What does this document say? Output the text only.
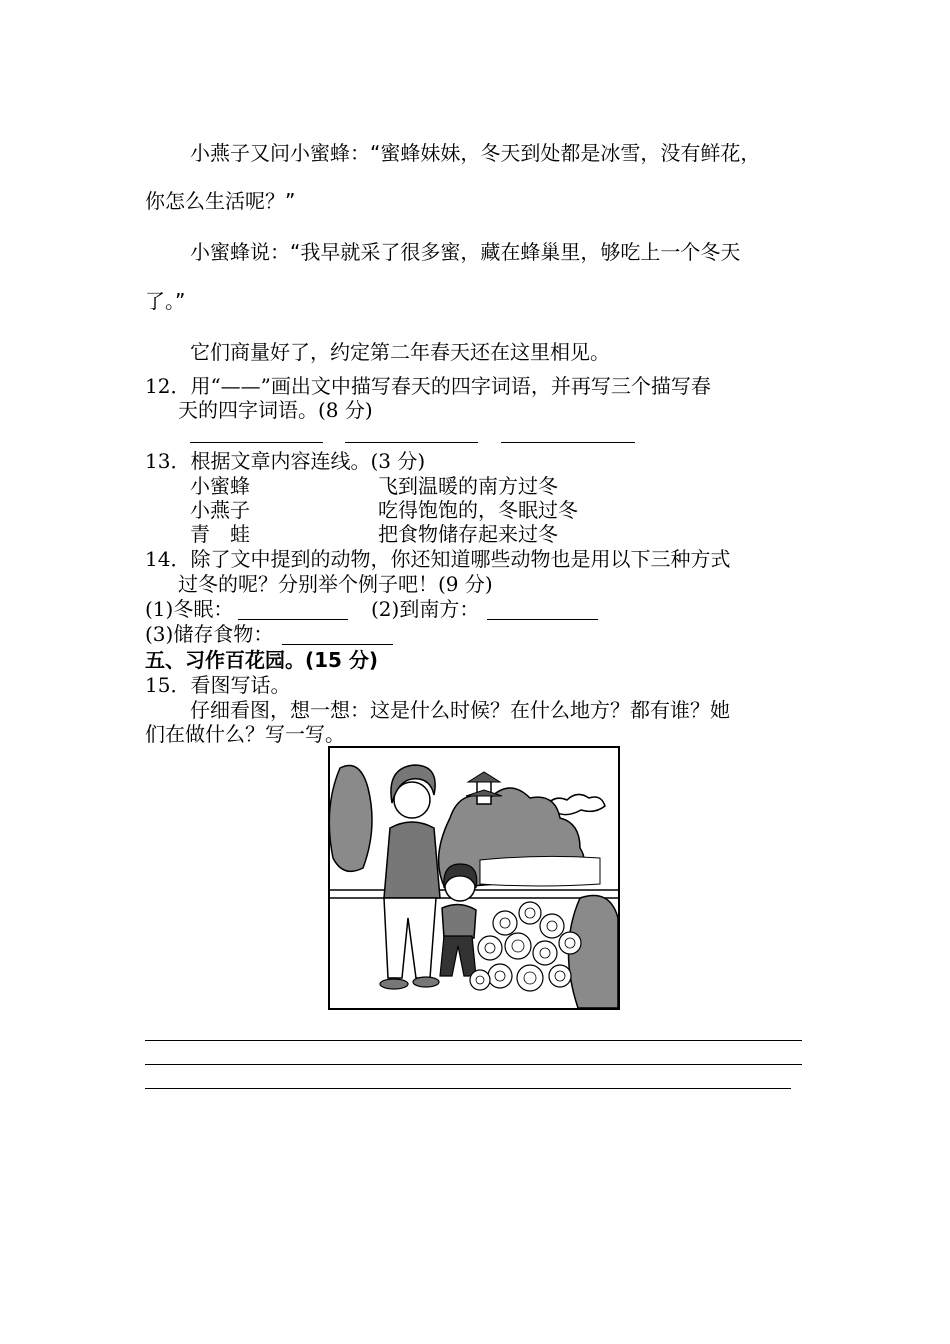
小燕子又问小蜜蜂：“蜜蜂妹妹，冬天到处都是冰雪，没有鲜花，
你怎么生活呢？”
小蜜蜂说：“我早就采了很多蜜，藏在蜂巢里，够吃上一个冬天
了。”
它们商量好了，约定第二年春天还在这里相见。
12．用“——”画出文中描写春天的四字词语，并再写三个描写春
天的四字词语。(8 分)
13．根据文章内容连线。(3 分)
小蜜蜂
小燕子
青　蛙
飞到温暖的南方过冬
吃得饱饱的，冬眠过冬
把食物储存起来过冬
14．除了文中提到的动物，你还知道哪些动物也是用以下三种方式
过冬的呢？分别举个例子吧！(9 分)
(1)冬眠：	(2)到南方：
(3)储存食物：
五、习作百花园。(15 分)
15．看图写话。
仔细看图，想一想：这是什么时候？在什么地方？都有谁？她
们在做什么？写一写。
